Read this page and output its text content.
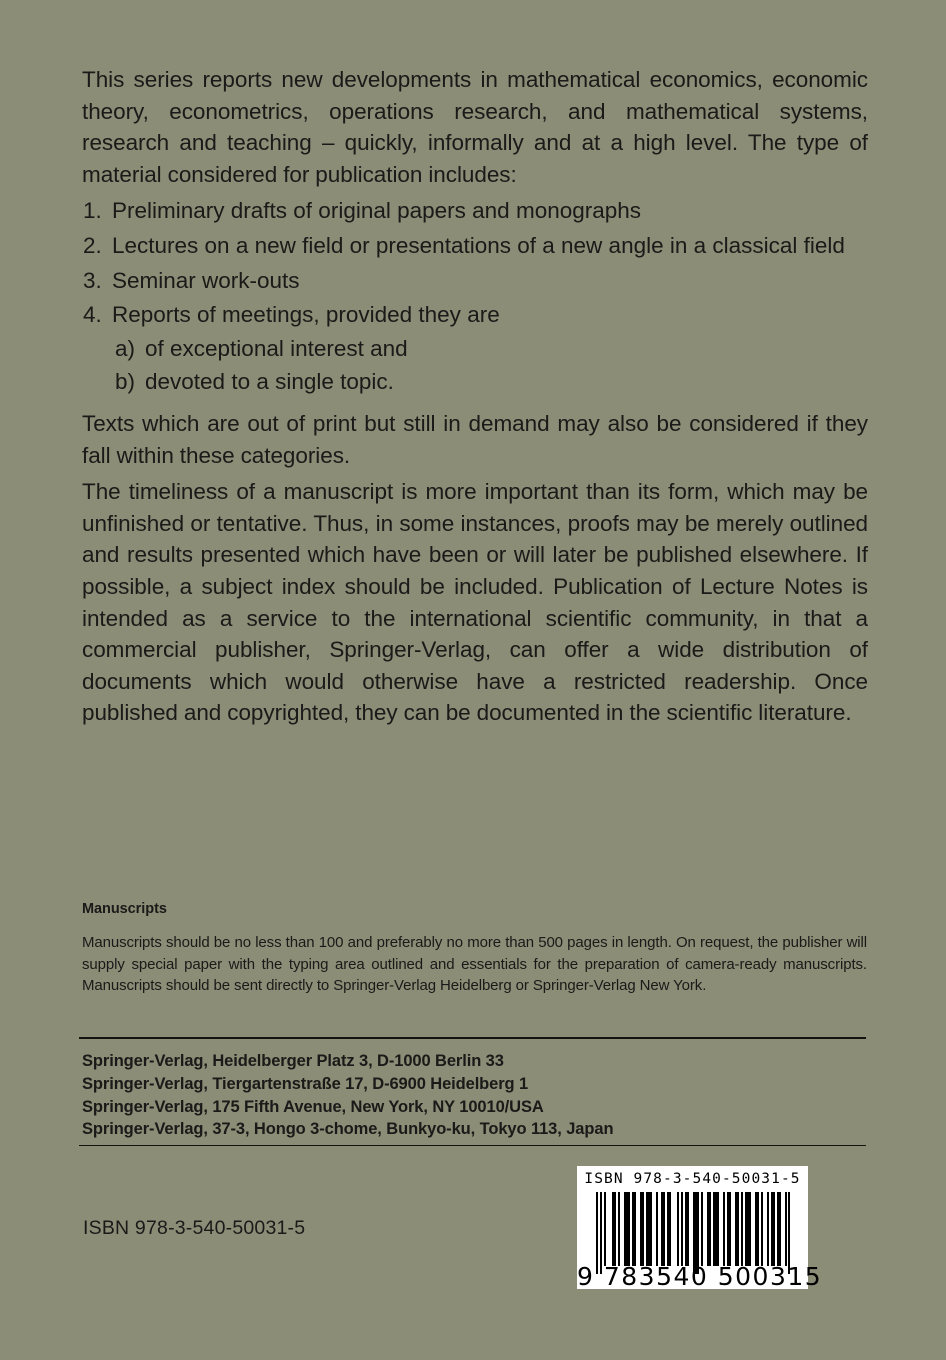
This series reports new developments in mathematical economics, economic theory, econometrics, operations research, and mathematical systems, research and teaching – quickly, informally and at a high level. The type of material considered for publication includes:

1. Preliminary drafts of original papers and monographs
2. Lectures on a new field or presentations of a new angle in a classical field
3. Seminar work-outs
4. Reports of meetings, provided they are
a) of exceptional interest and
b) devoted to a single topic.

Texts which are out of print but still in demand may also be considered if they fall within these categories.

The timeliness of a manuscript is more important than its form, which may be unfinished or tentative. Thus, in some instances, proofs may be merely outlined and results presented which have been or will later be published elsewhere. If possible, a subject index should be included. Publication of Lecture Notes is intended as a service to the international scientific community, in that a commercial publisher, Springer-Verlag, can offer a wide distribution of documents which would otherwise have a restricted readership. Once published and copyrighted, they can be documented in the scientific literature.

Manuscripts

Manuscripts should be no less than 100 and preferably no more than 500 pages in length. On request, the publisher will supply special paper with the typing area outlined and essentials for the preparation of camera-ready manuscripts. Manuscripts should be sent directly to Springer-Verlag Heidelberg or Springer-Verlag New York.

Springer-Verlag, Heidelberger Platz 3, D-1000 Berlin 33
Springer-Verlag, Tiergartenstraße 17, D-6900 Heidelberg 1
Springer-Verlag, 175 Fifth Avenue, New York, NY 10010/USA
Springer-Verlag, 37-3, Hongo 3-chome, Bunkyo-ku, Tokyo 113, Japan
ISBN 978-3-540-50031-5
ISBN 978-3-540-50031-5
9 783540 500315
